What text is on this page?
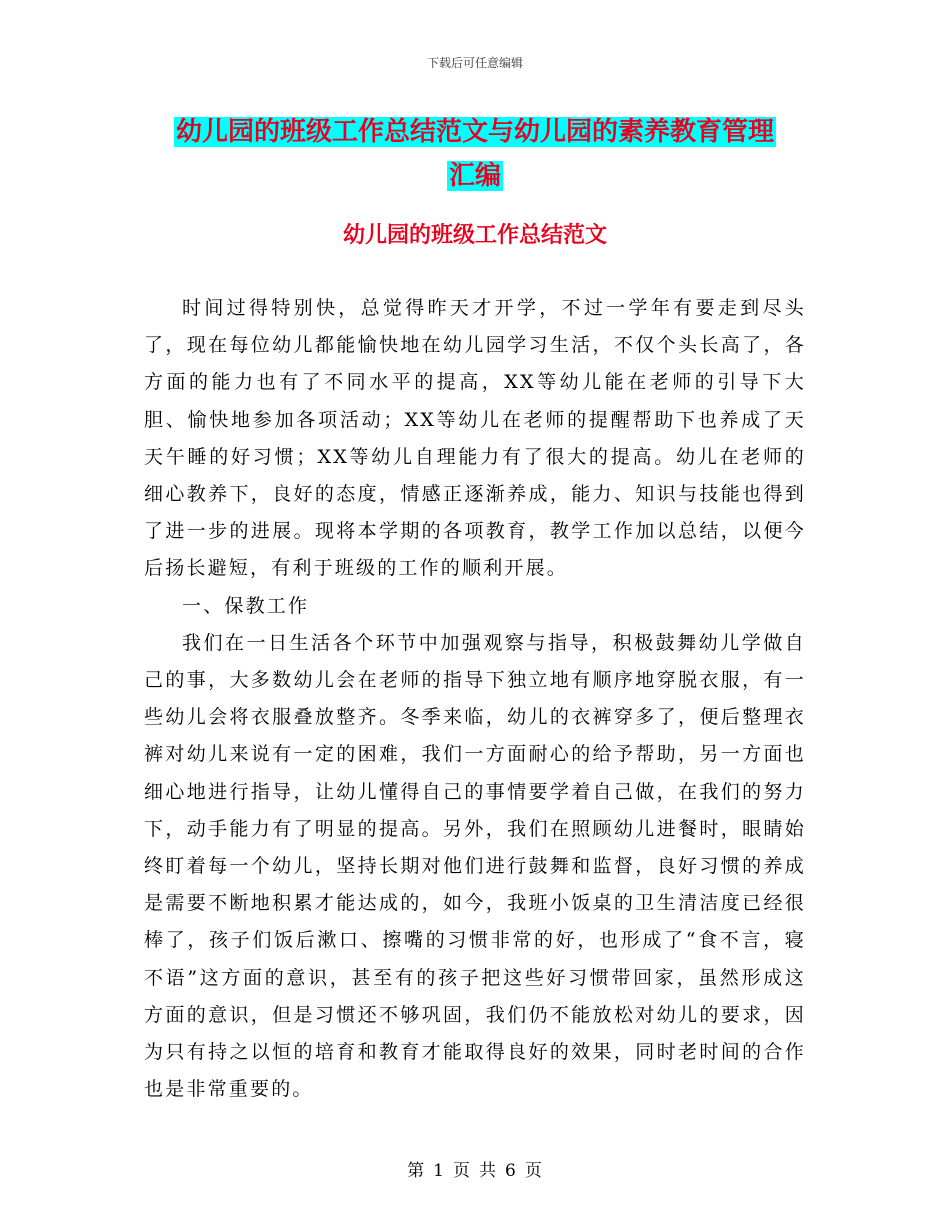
下载后可任意编辑
幼儿园的班级工作总结范文与幼儿园的素养教育管理
汇编
幼儿园的班级工作总结范文

时间过得特别快，总觉得昨天才开学，不过一学年有要走到尽头了，现在每位幼儿都能愉快地在幼儿园学习生活，不仅个头长高了，各方面的能力也有了不同水平的提高，XX等幼儿能在老师的引导下大胆、愉快地参加各项活动；XX等幼儿在老师的提醒帮助下也养成了天天午睡的好习惯；XX等幼儿自理能力有了很大的提高。幼儿在老师的细心教养下，良好的态度，情感正逐渐养成，能力、知识与技能也得到了进一步的进展。现将本学期的各项教育，教学工作加以总结，以便今后扬长避短，有利于班级的工作的顺利开展。

一、保教工作

我们在一日生活各个环节中加强观察与指导，积极鼓舞幼儿学做自己的事，大多数幼儿会在老师的指导下独立地有顺序地穿脱衣服，有一些幼儿会将衣服叠放整齐。冬季来临，幼儿的衣裤穿多了，便后整理衣裤对幼儿来说有一定的困难，我们一方面耐心的给予帮助，另一方面也细心地进行指导，让幼儿懂得自己的事情要学着自己做，在我们的努力下，动手能力有了明显的提高。另外，我们在照顾幼儿进餐时，眼睛始终盯着每一个幼儿，坚持长期对他们进行鼓舞和监督，良好习惯的养成是需要不断地积累才能达成的，如今，我班小饭桌的卫生清洁度已经很棒了，孩子们饭后漱口、擦嘴的习惯非常的好，也形成了“食不言，寝不语”这方面的意识，甚至有的孩子把这些好习惯带回家，虽然形成这方面的意识，但是习惯还不够巩固，我们仍不能放松对幼儿的要求，因为只有持之以恒的培育和教育才能取得良好的效果，同时老时间的合作也是非常重要的。

第 1 页 共 6 页
